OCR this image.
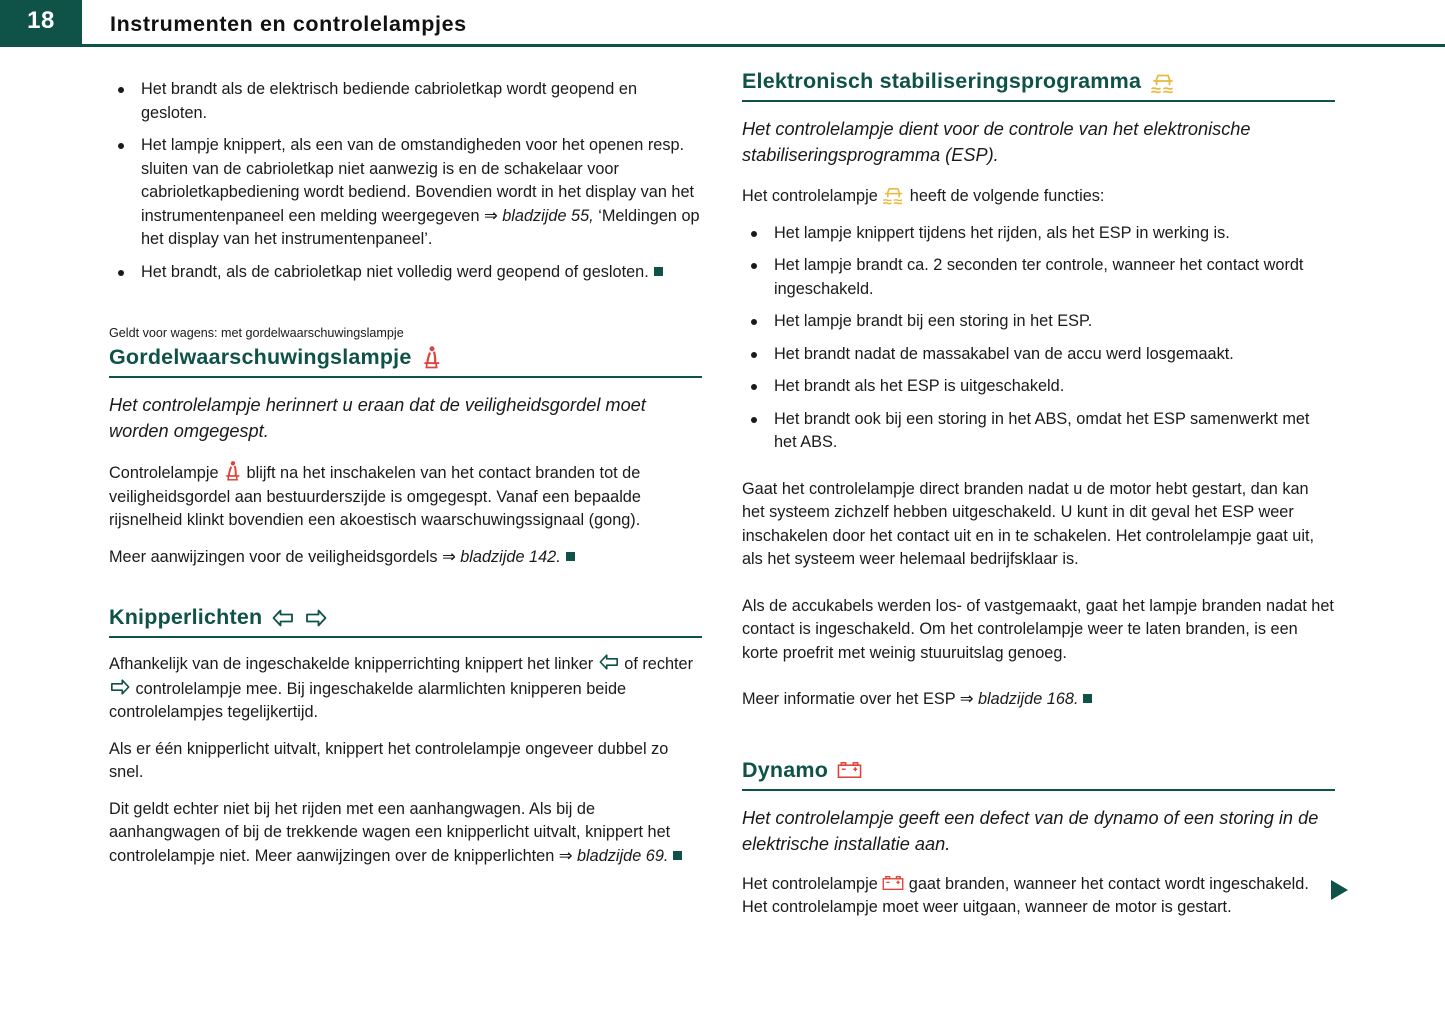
18	Instrumenten en controlelampjes
Het brandt als de elektrisch bediende cabrioletkap wordt geopend en gesloten.
Het lampje knippert, als een van de omstandigheden voor het openen resp. sluiten van de cabrioletkap niet aanwezig is en de schakelaar voor cabrioletkapbediening wordt bediend. Bovendien wordt in het display van het instrumentenpaneel een melding weergegeven ⇒ bladzijde 55, ‘Meldingen op het display van het instrumentenpaneel’.
Het brandt, als de cabrioletkap niet volledig werd geopend of gesloten.

Geldt voor wagens: met gordelwaarschuwingslampje

Gordelwaarschuwingslampje

Het controlelampje herinnert u eraan dat de veiligheidsgordel moet worden omgegespt.

Controlelampje  blijft na het inschakelen van het contact branden tot de veiligheidsgordel aan bestuurderszijde is omgegespt. Vanaf een bepaalde rijsnelheid klinkt bovendien een akoestisch waarschuwingssignaal (gong).

Meer aanwijzingen voor de veiligheidsgordels ⇒ bladzijde 142.

Knipperlichten

Afhankelijk van de ingeschakelde knipperrichting knippert het linker  of rechter  controlelampje mee. Bij ingeschakelde alarmlichten knipperen beide controlelampjes tegelijkertijd.

Als er één knipperlicht uitvalt, knippert het controlelampje ongeveer dubbel zo snel.

Dit geldt echter niet bij het rijden met een aanhangwagen. Als bij de aanhangwagen of bij de trekkende wagen een knipperlicht uitvalt, knippert het controlelampje niet. Meer aanwijzingen over de knipperlichten ⇒ bladzijde 69.

Elektronisch stabiliseringsprogramma

Het controlelampje dient voor de controle van het elektronische stabiliseringsprogramma (ESP).

Het controlelampje  heeft de volgende functies:

Het lampje knippert tijdens het rijden, als het ESP in werking is.
Het lampje brandt ca. 2 seconden ter controle, wanneer het contact wordt ingeschakeld.
Het lampje brandt bij een storing in het ESP.
Het brandt nadat de massakabel van de accu werd losgemaakt.
Het brandt als het ESP is uitgeschakeld.
Het brandt ook bij een storing in het ABS, omdat het ESP samenwerkt met het ABS.

Gaat het controlelampje direct branden nadat u de motor hebt gestart, dan kan het systeem zichzelf hebben uitgeschakeld. U kunt in dit geval het ESP weer inschakelen door het contact uit en in te schakelen. Het controlelampje gaat uit, als het systeem weer helemaal bedrijfsklaar is.

Als de accukabels werden los- of vastgemaakt, gaat het lampje branden nadat het contact is ingeschakeld. Om het controlelampje weer te laten branden, is een korte proefrit met weinig stuuruitslag genoeg.

Meer informatie over het ESP ⇒ bladzijde 168.

Dynamo

Het controlelampje geeft een defect van de dynamo of een storing in de elektrische installatie aan.

Het controlelampje  gaat branden, wanneer het contact wordt ingeschakeld. Het controlelampje moet weer uitgaan, wanneer de motor is gestart.
